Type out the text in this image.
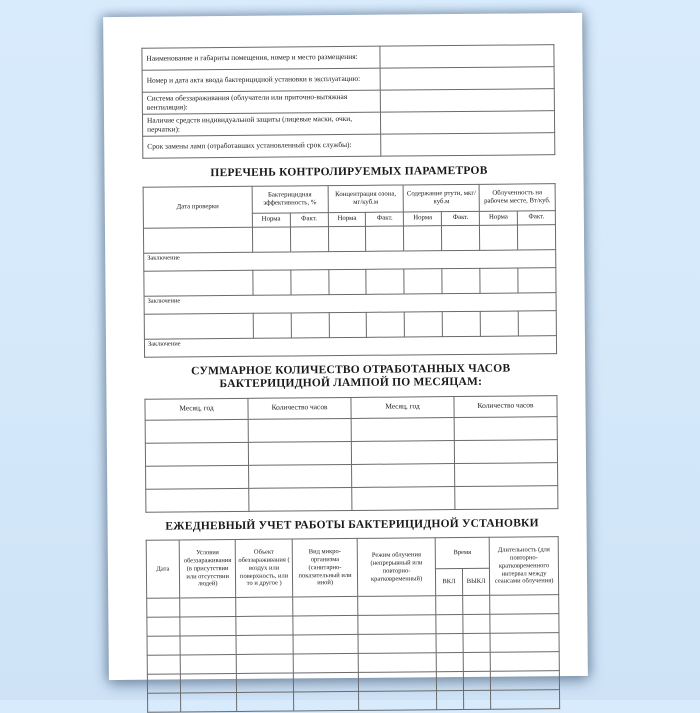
Наименование и габариты помещения, номер и место размещения:	
Номер и дата акта ввода бактерицидной установки в эксплуатацию:	
Система обеззараживания (облучатели или приточно-вытяжная вентиляция):	
Наличие средств индивидуальной защиты (лицевые маски, очки, перчатки):	
Срок замены ламп (отработавших установленный срок службы):	
ПЕРЕЧЕНЬ КОНТРОЛИРУЕМЫХ ПАРАМЕТРОВ
Дата проверки	Бактерицидная эффективность, %		Концентрация озона, мг/куб.м		Содержание ртути, мкг/куб.м		Облученность на рабочем месте, Вт/куб.	
	Норма	Факт.	Норма	Факт.	Норма	Факт.	Норма	Факт.

Заключение								

Заключение								

Заключение								
СУММАРНОЕ КОЛИЧЕСТВО ОТРАБОТАННЫХ ЧАСОВ
БАКТЕРИЦИДНОЙ ЛАМПОЙ ПО МЕСЯЦАМ:
Месяц, год	Количество часов	Месяц, год	Количество часов

ЕЖЕДНЕВНЫЙ УЧЕТ РАБОТЫ БАКТЕРИЦИДНОЙ УСТАНОВКИ
Дата	Условия обеззараживания (в присутствии или отсутствии людей)	Объект обеззараживания ( воздух или поверхность, или то и другое )	Вид микро-организма (санитарно-показательный или иной)	Режим облучения (непрерывный или повторно-кратковременный)	Время		Длительность (для повторно-кратковременного интервал между сеансами облучения)
					ВКЛ	ВЫКЛ	
